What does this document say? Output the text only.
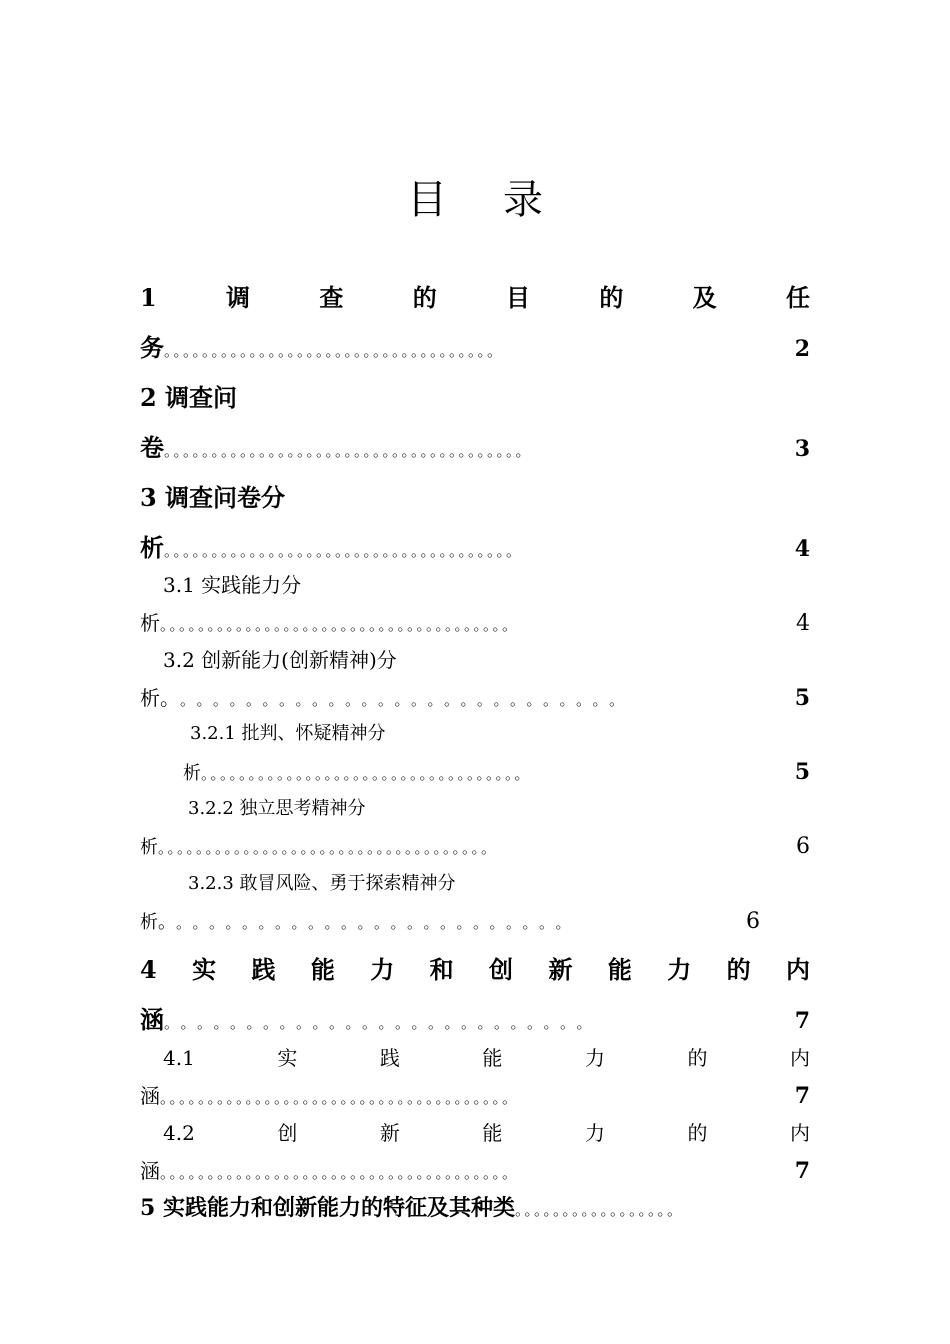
目 录
1	调	查	的	目	的	及	任
务 。。。。。。。。。。。。。。。。。。。。。。。。。。。。。。。。。。。	2
2 调查问
卷 。。。。。。。。。。。。。。。。。。。。。。。。。。。。。。。。。。。。。。	3
3 调查问卷分
析 。。。。。。。。。。。。。。。。。。。。。。。。。。。。。。。。。。。。。	4
3.1 实践能力分
析 。。。。。。。。。。。。。。。。。。。。。。。。。。。。。。。。。。。。。	4
3.2 创新能力(创新精神)分
析。 。。。。。。。。。。。。。。。。。。。。。。。。。。。	5
3.2.1 批判、怀疑精神分
析 。。。。。。。。。。。。。。。。。。。。。。。。。。。。。。。。。。	5
3.2.2 独立思考精神分
析 。。。。。。。。。。。。。。。。。。。。。。。。。。。。。。。。。。。	6
3.2.3 敢冒风险、勇于探索精神分
析。 。。。。。。。。。。。。。。。。。。。。。。。。	6
4 实 践 能 力 和 创 新 能 力 的 内
涵 。。。。。。。。。。。。。。。。。。。。。。。。。。	7
4.1	实	践	能	力	的	内
涵 。。。。。。。。。。。。。。。。。。。。。。。。。。。。。。。。。。。。。	7
4.2	创	新	能	力	的	内
涵 。。。。。。。。。。。。。。。。。。。。。。。。。。。。。。。。。。。。。	7
5 实践能力和创新能力的特征及其种类 。。。。。。。。。。。。。。。。。
